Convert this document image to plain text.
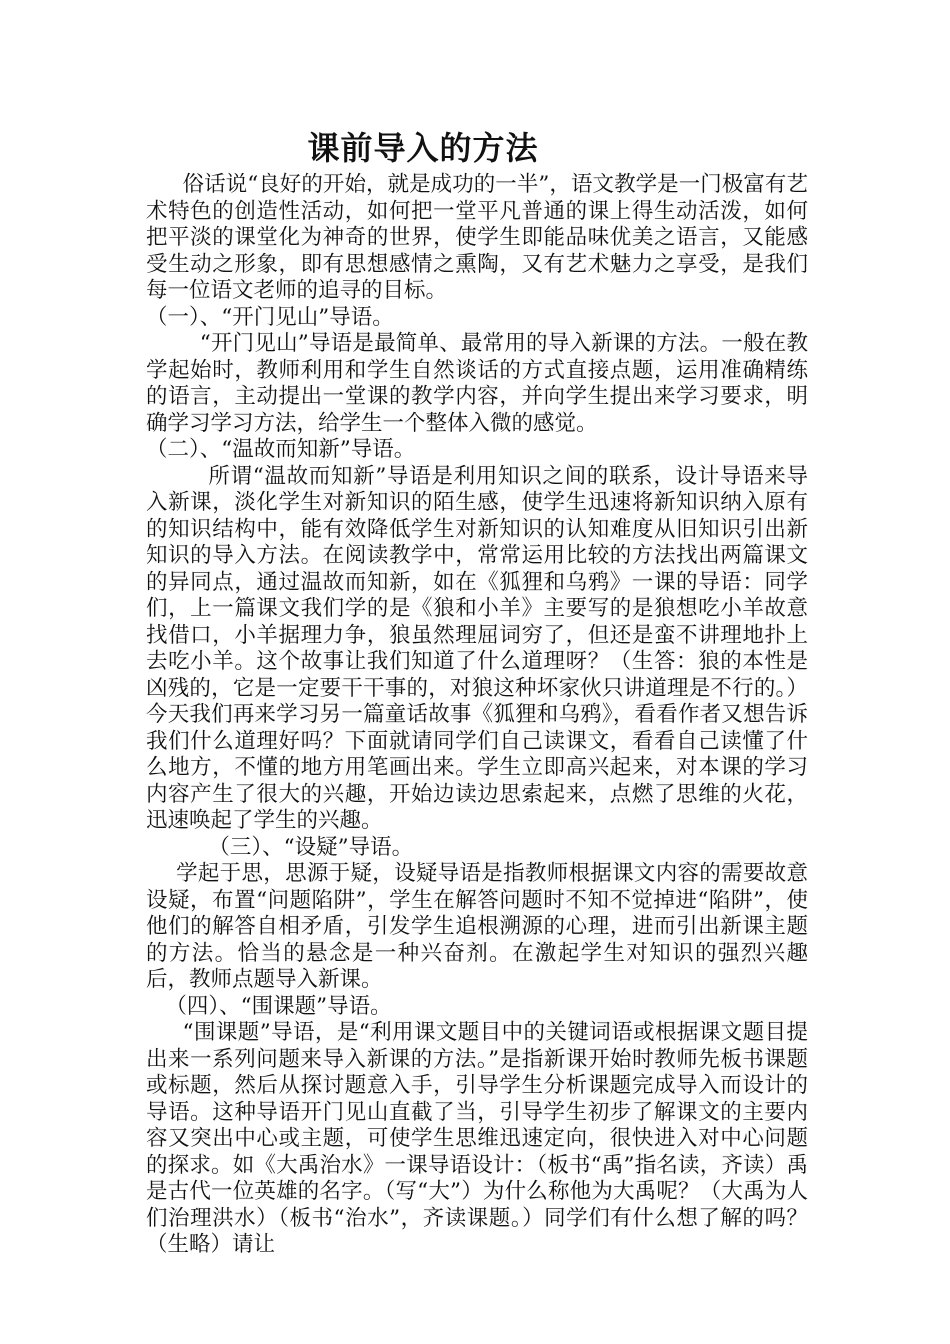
课前导入的方法

俗话说“良好的开始，就是成功的一半”，语文教学是一门极富有艺术特色的创造性活动，如何把一堂平凡普通的课上得生动活泼，如何把平淡的课堂化为神奇的世界，使学生即能品味优美之语言，又能感受生动之形象，即有思想感情之熏陶，又有艺术魅力之享受，是我们每一位语文老师的追寻的目标。

（一）、“开门见山”导语。

“开门见山”导语是最简单、最常用的导入新课的方法。一般在教学起始时，教师利用和学生自然谈话的方式直接点题，运用准确精练的语言，主动提出一堂课的教学内容，并向学生提出来学习要求，明确学习学习方法，给学生一个整体入微的感觉。

（二）、“温故而知新”导语。

所谓“温故而知新”导语是利用知识之间的联系，设计导语来导入新课，淡化学生对新知识的陌生感，使学生迅速将新知识纳入原有的知识结构中，能有效降低学生对新知识的认知难度从旧知识引出新知识的导入方法。在阅读教学中，常常运用比较的方法找出两篇课文的异同点，通过温故而知新，如在《狐狸和乌鸦》一课的导语：同学们，上一篇课文我们学的是《狼和小羊》主要写的是狼想吃小羊故意找借口，小羊据理力争，狼虽然理屈词穷了，但还是蛮不讲理地扑上去吃小羊。这个故事让我们知道了什么道理呀？（生答：狼的本性是凶残的，它是一定要干干事的，对狼这种坏家伙只讲道理是不行的。）今天我们再来学习另一篇童话故事《狐狸和乌鸦》，看看作者又想告诉我们什么道理好吗？下面就请同学们自己读课文，看看自己读懂了什么地方，不懂的地方用笔画出来。学生立即高兴起来，对本课的学习内容产生了很大的兴趣，开始边读边思索起来，点燃了思维的火花，迅速唤起了学生的兴趣。

（三）、“设疑”导语。

学起于思，思源于疑，设疑导语是指教师根据课文内容的需要故意设疑，布置“问题陷阱”，学生在解答问题时不知不觉掉进“陷阱”，使他们的解答自相矛盾，引发学生追根溯源的心理，进而引出新课主题的方法。恰当的悬念是一种兴奋剂。在激起学生对知识的强烈兴趣后，教师点题导入新课。

（四）、“围课题”导语。

“围课题”导语，是“利用课文题目中的关键词语或根据课文题目提出来一系列问题来导入新课的方法。”是指新课开始时教师先板书课题或标题，然后从探讨题意入手，引导学生分析课题完成导入而设计的导语。这种导语开门见山直截了当，引导学生初步了解课文的主要内容又突出中心或主题，可使学生思维迅速定向，很快进入对中心问题的探求。如《大禹治水》一课导语设计：（板书“禹”指名读，齐读）禹是古代一位英雄的名字。（写“大”）为什么称他为大禹呢？（大禹为人们治理洪水）（板书“治水”，齐读课题。）同学们有什么想了解的吗？（生略）请让
